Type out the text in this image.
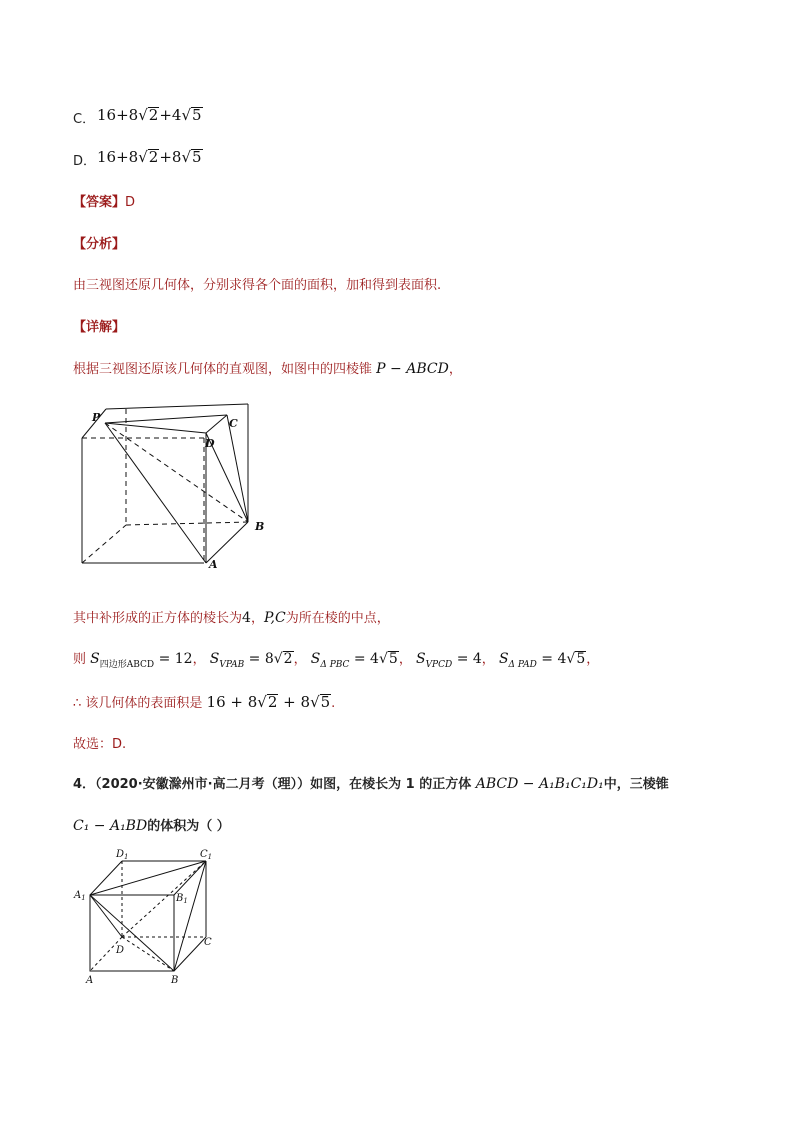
C． 16+8√2+4√5
D． 16+8√2+8√5
【答案】D
【分析】
由三视图还原几何体，分别求得各个面的面积，加和得到表面积.
【详解】
根据三视图还原该几何体的直观图，如图中的四棱锥 P − ABCD，
P	C
D
B
A
其中补形成的正方体的棱长为4，P,C为所在棱的中点，
则 $S_{四边形ABCD} = 12$， $S_{VPAB} = 8√2$， $S_{\Delta PBC} = 4√5$， $S_{VPCD} = 4$， $S_{\Delta PAD} = 4√5$，
∴ 该几何体的表面积是 16 + 8√2 + 8√5.
故选：D.
4．（2020·安徽滁州市·高二月考（理））如图，在棱长为 1 的正方体 ABCD − A₁B₁C₁D₁中，三棱锥
C₁ − A₁BD的体积为（ ）
$D_1$	$C_1$
$A_1$	$B_1$
D
C
A	B
